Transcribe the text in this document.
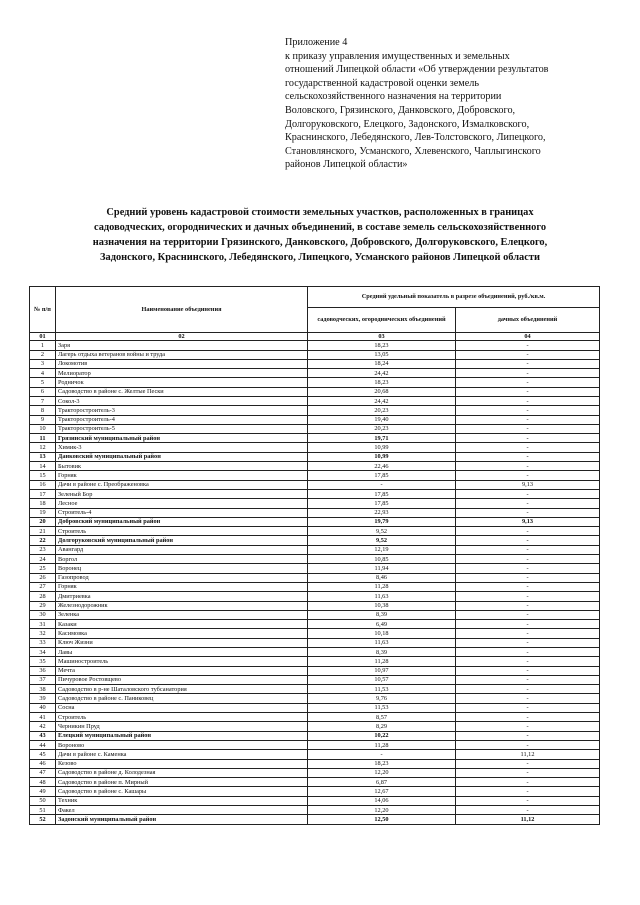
Приложение 4
к приказу управления имущественных и земельных
отношений Липецкой области «Об утверждении результатов
государственной кадастровой оценки земель
сельскохозяйственного назначения на территории
Воловского, Грязинского, Данковского, Добровского,
Долгоруковского, Елецкого, Задонского, Измалковского,
Краснинского, Лебедянского, Лев-Толстовского, Липецкого,
Становлянского, Усманского, Хлевенского, Чаплыгинского
районов Липецкой области»
Средний уровень кадастровой стоимости земельных участков, расположенных в границах
садоводческих, огороднических и дачных объединений, в составе земель сельскохозяйственного
назначения на территории Грязинского, Данковского, Добровского, Долгоруковского, Елецкого,
Задонского, Краснинского, Лебедянского, Липецкого, Усманского районов Липецкой области
№ п/п	Наименование объединения	Средний удельный показатель в разрезе объединений, руб./кв.м.	
		садоводческих, огороднических объединений	дачных объединений
01	02	03	04
1	Заря	18,23	-
2	Лагерь отдыха ветеранов войны и труда	13,05	-
3	Локомотив	18,24	-
4	Мелиоратор	24,42	-
5	Родничок	18,23	-
6	Садоводство в районе с. Желтые Пески	20,68	-
7	Сокол-3	24,42	-
8	Тракторостроитель-3	20,23	-
9	Тракторостроитель-4	19,40	-
10	Тракторостроитель-5	20,23	-
11	Грязинский муниципальный район	19,71	-
12	Химик-3	10,99	-
13	Данковский муниципальный район	10,99	-
14	Бытовик	22,46	-
15	Горняк	17,85	-
16	Дачи в районе с. Преображеновка	-	9,13
17	Зеленый Бор	17,85	-
18	Лесное	17,85	-
19	Строитель-4	22,93	-
20	Добровский муниципальный район	19,79	9,13
21	Строитель	9,52	-
22	Долгоруковский муниципальный район	9,52	-
23	Авангард	12,19	-
24	Воргол	10,85	-
25	Воронец	11,94	-
26	Газопровод	8,46	-
27	Горняк	11,28	-
28	Дмитриевка	11,63	-
29	Железнодорожник	10,38	-
30	Зеленка	8,39	-
31	Казаки	6,49	-
32	Касимовка	10,18	-
33	Ключ Жизни	11,63	-
34	Лавы	8,39	-
35	Машиностроитель	11,28	-
36	Мечта	10,97	-
37	Пичуровое Ростовщево	10,57	-
38	Садоводство в р-не Шаталовского тубсанатория	11,53	-
39	Садоводство в районе с. Паниковец	9,76	-
40	Сосна	11,53	-
41	Строитель	8,57	-
42	Черникин Пруд	8,29	-
43	Елецкий муниципальный район	10,22	-
44	Вороново	11,28	-
45	Дачи в районе с. Каменка	-	11,12
46	Кезово	18,23	-
47	Садоводство в районе д. Колодезная	12,20	-
48	Садоводство в районе п. Мирный	6,87	-
49	Садоводство в районе с. Кашары	12,67	-
50	Техник	14,06	-
51	Факел	12,20	-
52	Задонский муниципальный район	12,50	11,12
